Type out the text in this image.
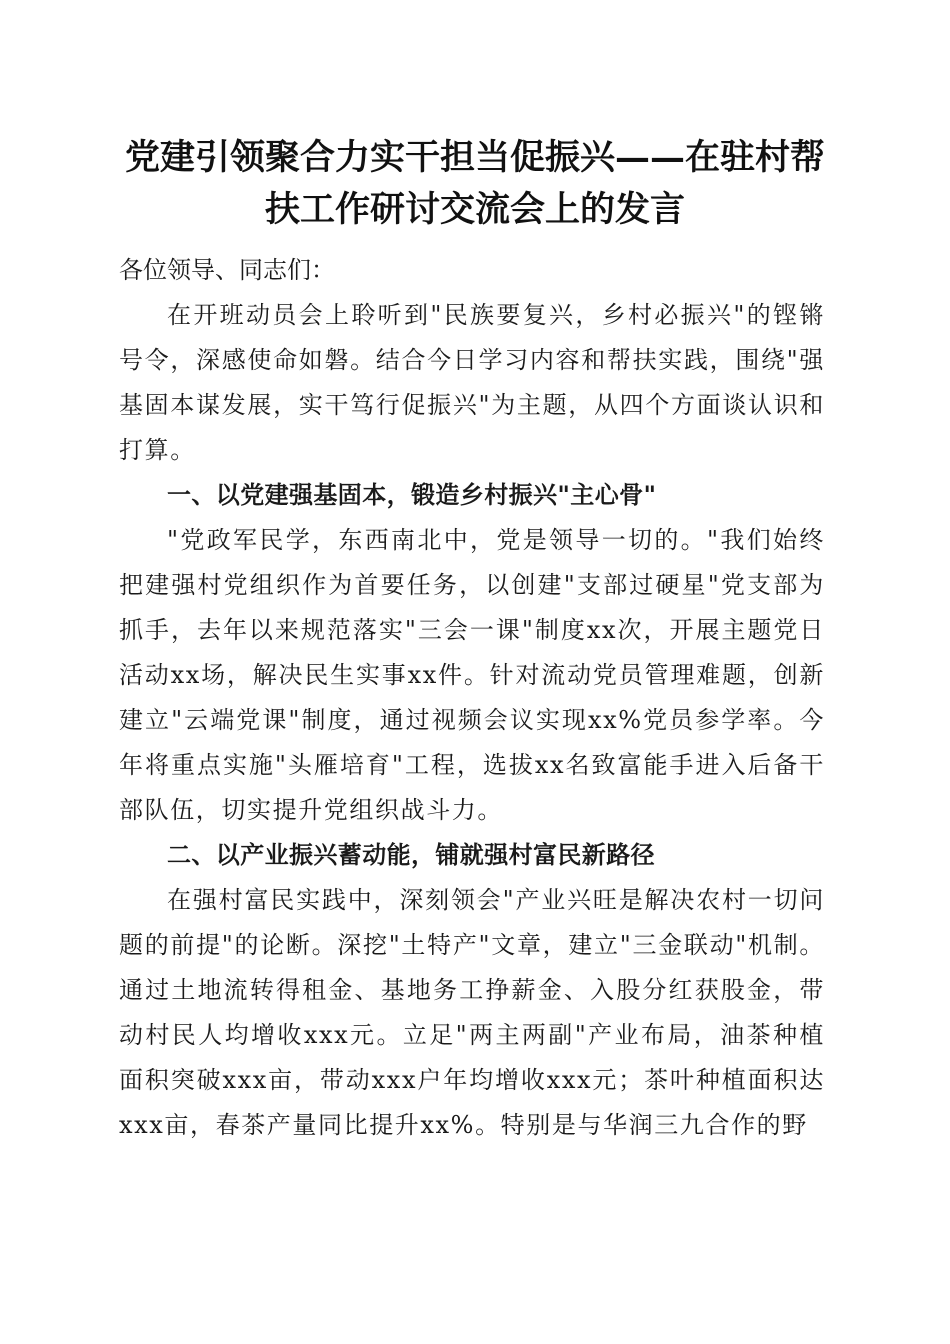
党建引领聚合力实干担当促振兴——在驻村帮
扶工作研讨交流会上的发言

各位领导、同志们：

在开班动员会上聆听到"民族要复兴，乡村必振兴"的铿锵号令，深感使命如磐。结合今日学习内容和帮扶实践，围绕"强基固本谋发展，实干笃行促振兴"为主题，从四个方面谈认识和打算。

一、以党建强基固本，锻造乡村振兴"主心骨"

"党政军民学，东西南北中，党是领导一切的。"我们始终把建强村党组织作为首要任务，以创建"支部过硬星"党支部为抓手，去年以来规范落实"三会一课"制度xx次，开展主题党日活动xx场，解决民生实事xx件。针对流动党员管理难题，创新建立"云端党课"制度，通过视频会议实现xx%党员参学率。今年将重点实施"头雁培育"工程，选拔xx名致富能手进入后备干部队伍，切实提升党组织战斗力。

二、以产业振兴蓄动能，铺就强村富民新路径

在强村富民实践中，深刻领会"产业兴旺是解决农村一切问题的前提"的论断。深挖"土特产"文章，建立"三金联动"机制。通过土地流转得租金、基地务工挣薪金、入股分红获股金，带动村民人均增收xxx元。立足"两主两副"产业布局，油茶种植面积突破xxx亩，带动xxx户年均增收xxx元；茶叶种植面积达xxx亩，春茶产量同比提升xx%。特别是与华润三九合作的野
